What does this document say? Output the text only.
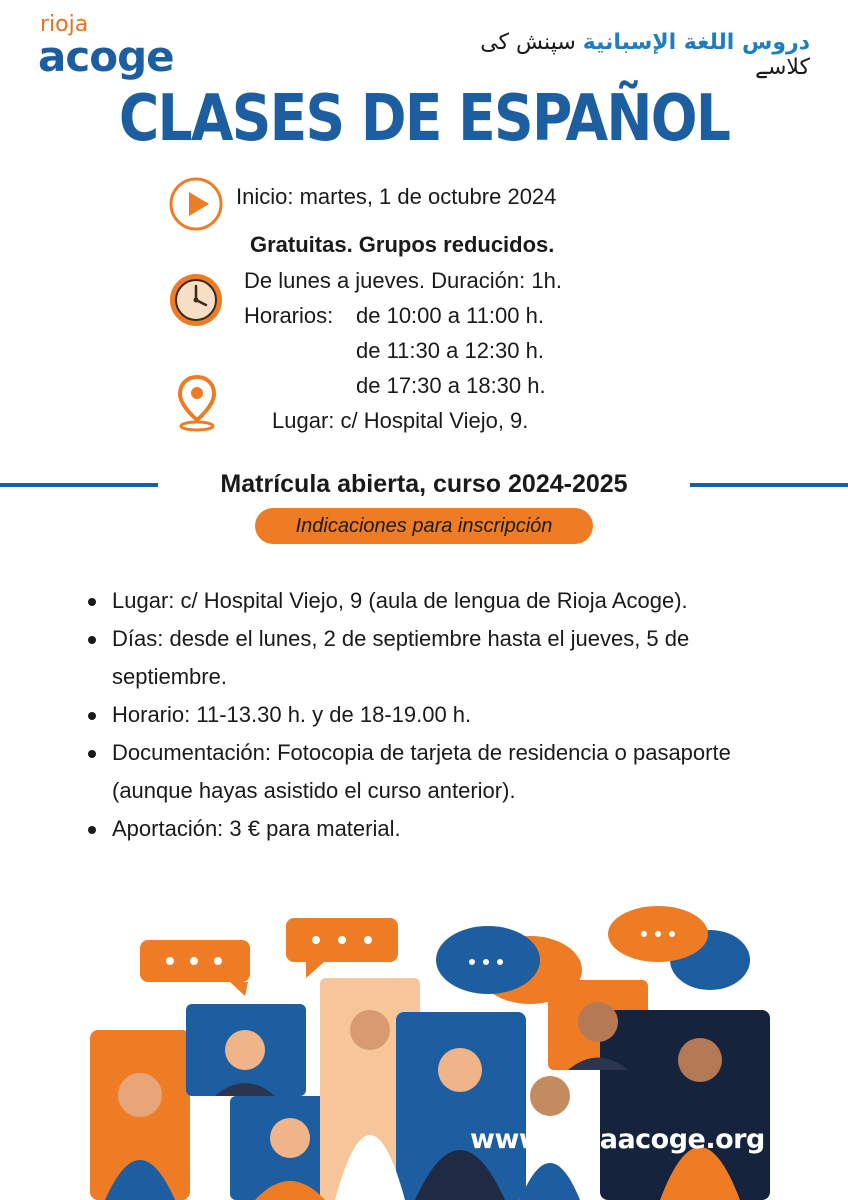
rioja
acoge	دروس اللغة الإسبانية سپنش کی کلاسے
CLASES DE ESPAÑOL
Inicio: martes, 1 de octubre 2024
Gratuitas. Grupos reducidos.
De lunes a jueves. Duración: 1h.
Horarios: de 10:00 a 11:00 h.
de 11:30 a 12:30 h.
de 17:30 a 18:30 h.
Lugar: c/ Hospital Viejo, 9.
Matrícula abierta, curso 2024-2025
Indicaciones para inscripción
Lugar: c/ Hospital Viejo, 9 (aula de lengua de Rioja Acoge).
Días: desde el lunes, 2 de septiembre hasta el jueves, 5 de septiembre.
Horario: 11-13.30 h. y de 18-19.00 h.
Documentación: Fotocopia de tarjeta de residencia o pasaporte (aunque hayas asistido el curso anterior).
Aportación: 3 € para material.
www.riojaacoge.org
